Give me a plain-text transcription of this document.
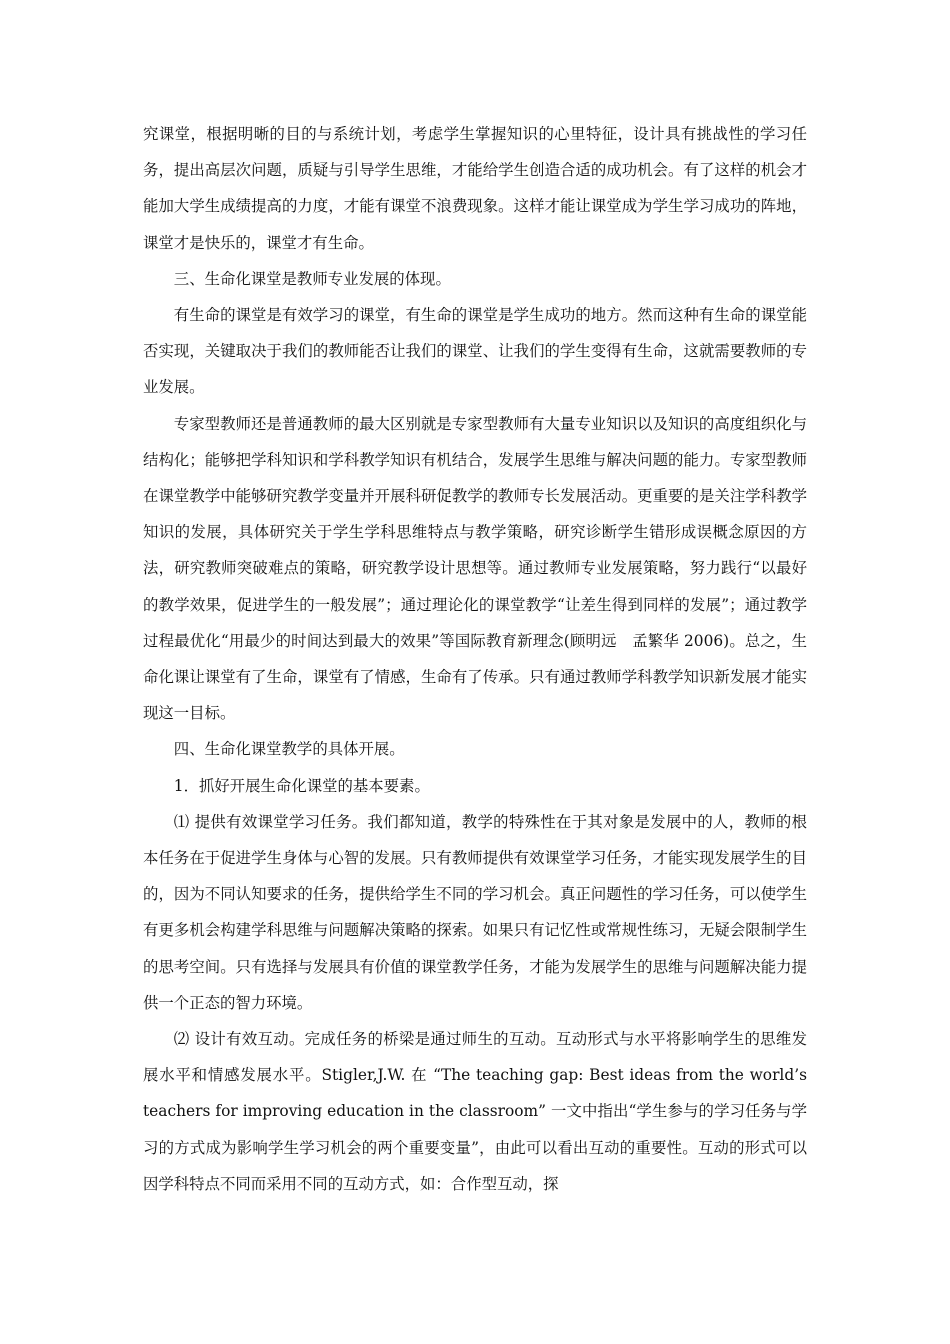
究课堂，根据明晰的目的与系统计划，考虑学生掌握知识的心里特征，设计具有挑战性的学习任务，提出高层次问题，质疑与引导学生思维，才能给学生创造合适的成功机会。有了这样的机会才能加大学生成绩提高的力度，才能有课堂不浪费现象。这样才能让课堂成为学生学习成功的阵地，课堂才是快乐的，课堂才有生命。

三、生命化课堂是教师专业发展的体现。

有生命的课堂是有效学习的课堂，有生命的课堂是学生成功的地方。然而这种有生命的课堂能否实现，关键取决于我们的教师能否让我们的课堂、让我们的学生变得有生命，这就需要教师的专业发展。

专家型教师还是普通教师的最大区别就是专家型教师有大量专业知识以及知识的高度组织化与结构化；能够把学科知识和学科教学知识有机结合，发展学生思维与解决问题的能力。专家型教师在课堂教学中能够研究教学变量并开展科研促教学的教师专长发展活动。更重要的是关注学科教学知识的发展，具体研究关于学生学科思维特点与教学策略，研究诊断学生错形成误概念原因的方法，研究教师突破难点的策略，研究教学设计思想等。通过教师专业发展策略，努力践行“以最好的教学效果，促进学生的一般发展”；通过理论化的课堂教学“让差生得到同样的发展”；通过教学过程最优化“用最少的时间达到最大的效果”等国际教育新理念(顾明远　孟繁华 2006)。总之，生命化课让课堂有了生命，课堂有了情感，生命有了传承。只有通过教师学科教学知识新发展才能实现这一目标。

四、生命化课堂教学的具体开展。

1．抓好开展生命化课堂的基本要素。

⑴ 提供有效课堂学习任务。我们都知道，教学的特殊性在于其对象是发展中的人，教师的根本任务在于促进学生身体与心智的发展。只有教师提供有效课堂学习任务，才能实现发展学生的目的，因为不同认知要求的任务，提供给学生不同的学习机会。真正问题性的学习任务，可以使学生有更多机会构建学科思维与问题解决策略的探索。如果只有记忆性或常规性练习，无疑会限制学生的思考空间。只有选择与发展具有价值的课堂教学任务，才能为发展学生的思维与问题解决能力提供一个正态的智力环境。

⑵ 设计有效互动。完成任务的桥梁是通过师生的互动。互动形式与水平将影响学生的思维发展水平和情感发展水平。Stigler,J.W. 在 “The teaching gap: Best ideas from the world’s teachers for improving education in the classroom” 一文中指出“学生参与的学习任务与学习的方式成为影响学生学习机会的两个重要变量”，由此可以看出互动的重要性。互动的形式可以因学科特点不同而采用不同的互动方式，如：合作型互动，探
